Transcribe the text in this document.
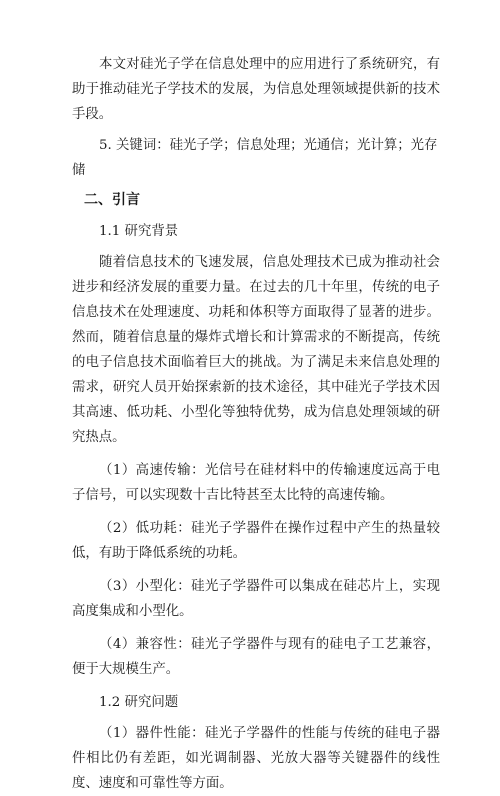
本文对硅光子学在信息处理中的应用进行了系统研究，有助于推动硅光子学技术的发展，为信息处理领域提供新的技术手段。

5. 关键词：硅光子学；信息处理；光通信；光计算；光存储

二、引言

1.1 研究背景

随着信息技术的飞速发展，信息处理技术已成为推动社会进步和经济发展的重要力量。在过去的几十年里，传统的电子信息技术在处理速度、功耗和体积等方面取得了显著的进步。然而，随着信息量的爆炸式增长和计算需求的不断提高，传统的电子信息技术面临着巨大的挑战。为了满足未来信息处理的需求，研究人员开始探索新的技术途径，其中硅光子学技术因其高速、低功耗、小型化等独特优势，成为信息处理领域的研究热点。

（1）高速传输：光信号在硅材料中的传输速度远高于电子信号，可以实现数十吉比特甚至太比特的高速传输。

（2）低功耗：硅光子学器件在操作过程中产生的热量较低，有助于降低系统的功耗。

（3）小型化：硅光子学器件可以集成在硅芯片上，实现高度集成和小型化。

（4）兼容性：硅光子学器件与现有的硅电子工艺兼容，便于大规模生产。

1.2 研究问题

（1）器件性能：硅光子学器件的性能与传统的硅电子器件相比仍有差距，如光调制器、光放大器等关键器件的线性度、速度和可靠性等方面。
